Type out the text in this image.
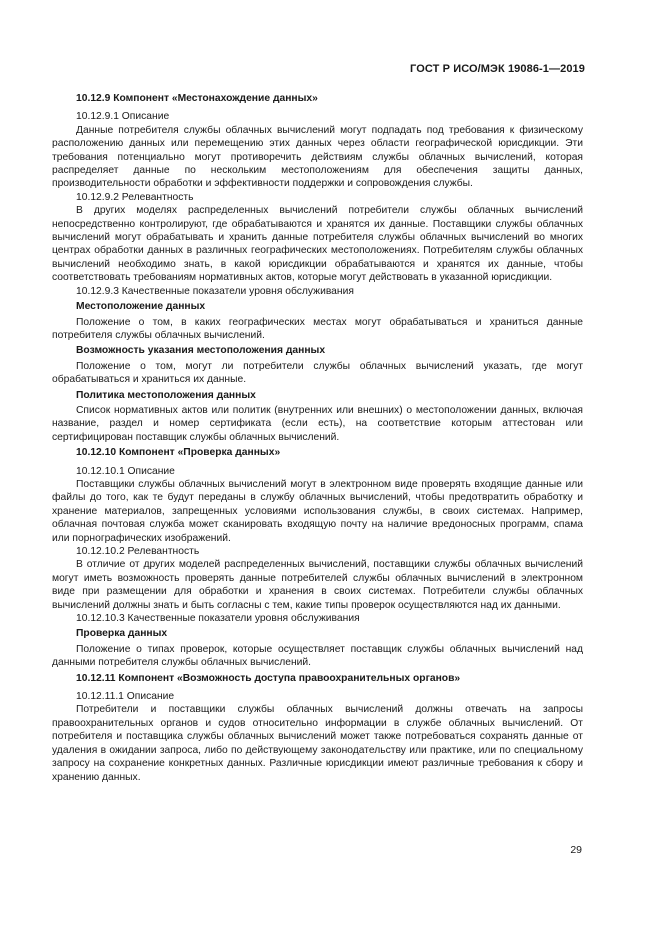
ГОСТ Р ИСО/МЭК 19086-1—2019

10.12.9 Компонент «Местонахождение данных»

10.12.9.1 Описание

Данные потребителя службы облачных вычислений могут подпадать под требования к физическому расположению данных или перемещению этих данных через области географической юрисдикции. Эти требования потенциально могут противоречить действиям службы облачных вычислений, которая распределяет данные по нескольким местоположениям для обеспечения защиты данных, производительности обработки и эффективности поддержки и сопровождения службы.

10.12.9.2 Релевантность

В других моделях распределенных вычислений потребители службы облачных вычислений непосредственно контролируют, где обрабатываются и хранятся их данные. Поставщики службы облачных вычислений могут обрабатывать и хранить данные потребителя службы облачных вычислений во многих центрах обработки данных в различных географических местоположениях. Потребителям службы облачных вычислений необходимо знать, в какой юрисдикции обрабатываются и хранятся их данные, чтобы соответствовать требованиям нормативных актов, которые могут действовать в указанной юрисдикции.

10.12.9.3 Качественные показатели уровня обслуживания

Местоположение данных

Положение о том, в каких географических местах могут обрабатываться и храниться данные потребителя службы облачных вычислений.

Возможность указания местоположения данных

Положение о том, могут ли потребители службы облачных вычислений указать, где могут обрабатываться и храниться их данные.

Политика местоположения данных

Список нормативных актов или политик (внутренних или внешних) о местоположении данных, включая название, раздел и номер сертификата (если есть), на соответствие которым аттестован или сертифицирован поставщик службы облачных вычислений.

10.12.10 Компонент «Проверка данных»

10.12.10.1 Описание

Поставщики службы облачных вычислений могут в электронном виде проверять входящие данные или файлы до того, как те будут переданы в службу облачных вычислений, чтобы предотвратить обработку и хранение материалов, запрещенных условиями использования службы, в своих системах. Например, облачная почтовая служба может сканировать входящую почту на наличие вредоносных программ, спама или порнографических изображений.

10.12.10.2 Релевантность

В отличие от других моделей распределенных вычислений, поставщики службы облачных вычислений могут иметь возможность проверять данные потребителей службы облачных вычислений в электронном виде при размещении для обработки и хранения в своих системах. Потребители службы облачных вычислений должны знать и быть согласны с тем, какие типы проверок осуществляются над их данными.

10.12.10.3 Качественные показатели уровня обслуживания

Проверка данных

Положение о типах проверок, которые осуществляет поставщик службы облачных вычислений над данными потребителя службы облачных вычислений.

10.12.11 Компонент «Возможность доступа правоохранительных органов»

10.12.11.1 Описание

Потребители и поставщики службы облачных вычислений должны отвечать на запросы правоохранительных органов и судов относительно информации в службе облачных вычислений. От потребителя и поставщика службы облачных вычислений может также потребоваться сохранять данные от удаления в ожидании запроса, либо по действующему законодательству или практике, или по специальному запросу на сохранение конкретных данных. Различные юрисдикции имеют различные требования к сбору и хранению данных.

29
